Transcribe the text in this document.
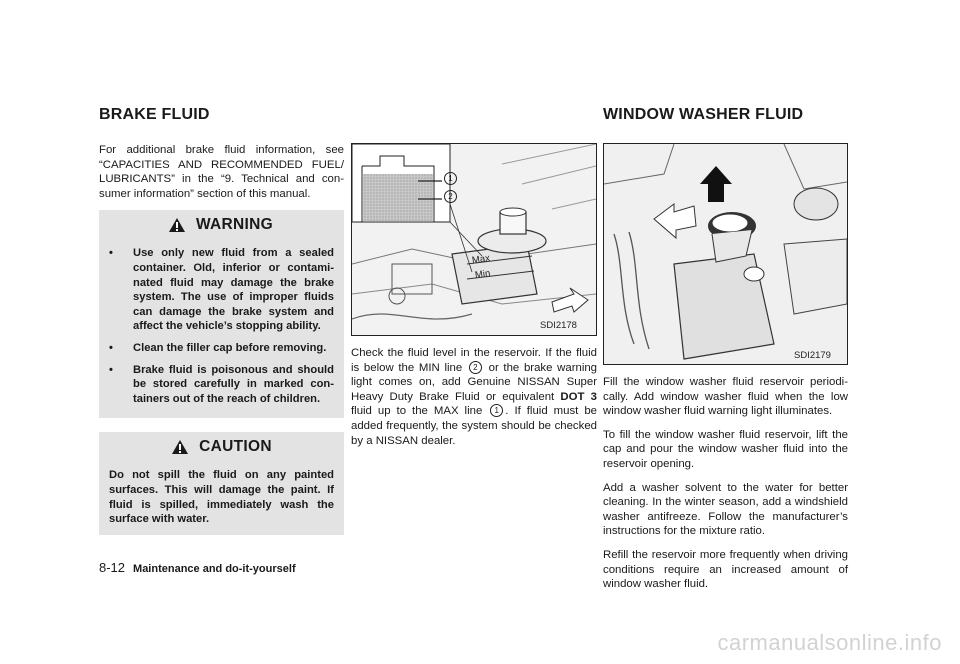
BRAKE FLUID	WINDOW WASHER FLUID

For additional brake fluid information, see “CAPACITIES AND RECOMMENDED FUEL/ LUBRICANTS” in the “9. Technical and con- sumer information” section of this manual.

WARNING
•	Use only new fluid from a sealed container. Old, inferior or contami- nated fluid may damage the brake system. The use of improper fluids can damage the brake system and affect the vehicle’s stopping ability.
•	Clean the filler cap before removing.
•	Brake fluid is poisonous and should be stored carefully in marked con- tainers out of the reach of children.
CAUTION
Do not spill the fluid on any painted surfaces. This will damage the paint. If fluid is spilled, immediately wash the surface with water.
1
2
Max
Min
SDI2178

Check the fluid level in the reservoir. If the fluid is below the MIN line 2 or the brake warning light comes on, add Genuine NISSAN Super Heavy Duty Brake Fluid or equivalent DOT 3 fluid up to the MAX line 1 . If fluid must be added frequently, the system should be checked by a NISSAN dealer.

SDI2179

Fill the window washer fluid reservoir periodi- cally. Add window washer fluid when the low window washer fluid warning light illuminates.

To fill the window washer fluid reservoir, lift the cap and pour the window washer fluid into the reservoir opening.

Add a washer solvent to the water for better cleaning. In the winter season, add a windshield washer antifreeze. Follow the manufacturer’s instructions for the mixture ratio.

Refill the reservoir more frequently when driving conditions require an increased amount of window washer fluid.

8-12 Maintenance and do-it-yourself
carmanualsonline.info
